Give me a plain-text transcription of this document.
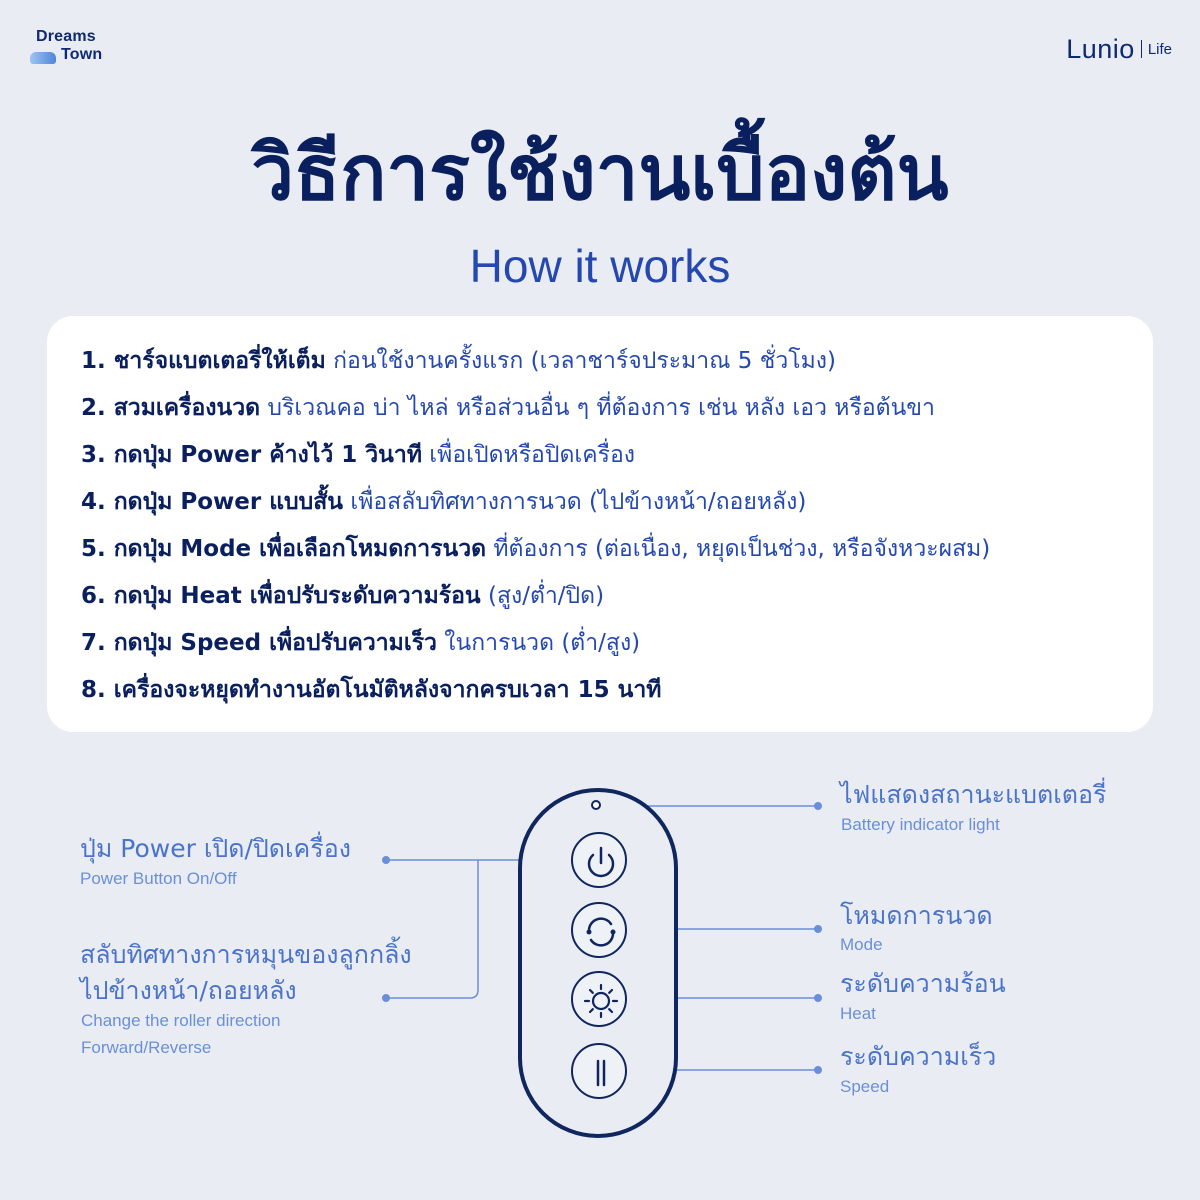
Dreams
Town	Lunio Life
วิธีการใช้งานเบื้องต้น
How it works
1. ชาร์จแบตเตอรี่ให้เต็ม ก่อนใช้งานครั้งแรก (เวลาชาร์จประมาณ 5 ชั่วโมง)
2. สวมเครื่องนวด บริเวณคอ บ่า ไหล่ หรือส่วนอื่น ๆ ที่ต้องการ เช่น หลัง เอว หรือต้นขา
3. กดปุ่ม Power ค้างไว้ 1 วินาที เพื่อเปิดหรือปิดเครื่อง
4. กดปุ่ม Power แบบสั้น เพื่อสลับทิศทางการนวด (ไปข้างหน้า/ถอยหลัง)
5. กดปุ่ม Mode เพื่อเลือกโหมดการนวด ที่ต้องการ (ต่อเนื่อง, หยุดเป็นช่วง, หรือจังหวะผสม)
6. กดปุ่ม Heat เพื่อปรับระดับความร้อน (สูง/ต่ำ/ปิด)
7. กดปุ่ม Speed เพื่อปรับความเร็ว ในการนวด (ต่ำ/สูง)
8. เครื่องจะหยุดทำงานอัตโนมัติหลังจากครบเวลา 15 นาที
ไฟแสดงสถานะแบตเตอรี่
Battery indicator light
ปุ่ม Power เปิด/ปิดเครื่อง
Power Button On/Off
สลับทิศทางการหมุนของลูกกลิ้ง
ไปข้างหน้า/ถอยหลัง
Change the roller direction
Forward/Reverse
โหมดการนวด
Mode
ระดับความร้อน
Heat
ระดับความเร็ว
Speed
